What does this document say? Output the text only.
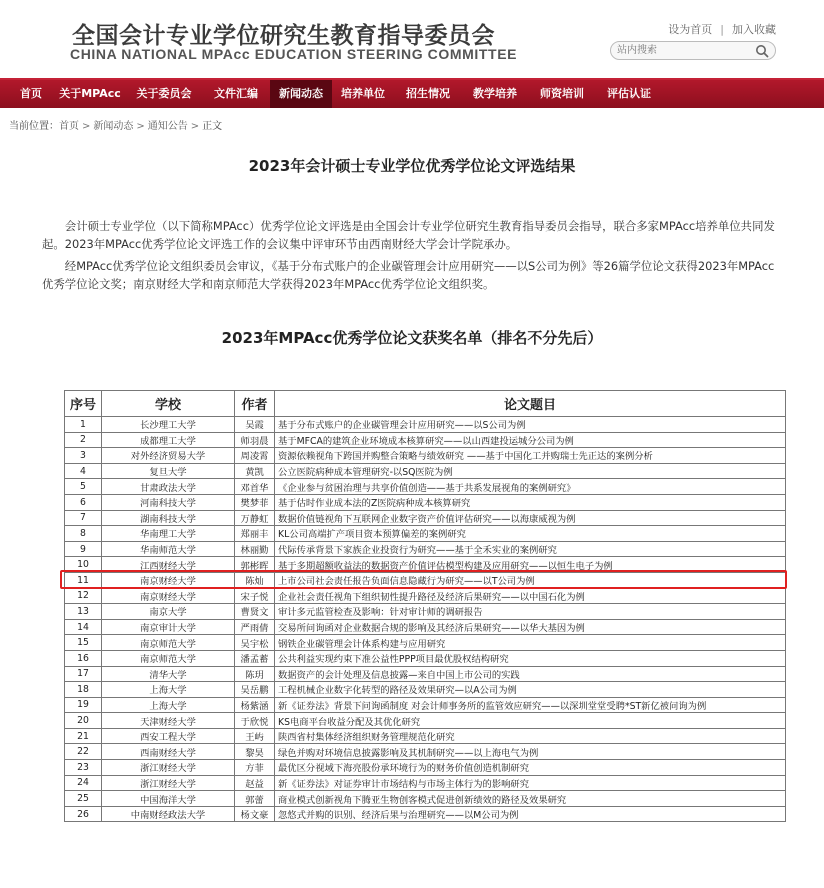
全国会计专业学位研究生教育指导委员会
CHINA NATIONAL MPAcc EDUCATION STEERING COMMITTEE
设为首页 | 加入收藏
站内搜索
首页	关于MPAcc	关于委员会	文件汇编	新闻动态	培养单位	招生情况	教学培养	师资培训	评估认证
当前位置：首页 > 新闻动态 > 通知公告 > 正文
2023年会计硕士专业学位优秀学位论文评选结果

会计硕士专业学位（以下简称MPAcc）优秀学位论文评选是由全国会计专业学位研究生教育指导委员会指导，联合多家MPAcc培养单位共同发起。2023年MPAcc优秀学位论文评选工作的会议集中评审环节由西南财经大学会计学院承办。

经MPAcc优秀学位论文组织委员会审议，《基于分布式账户的企业碳管理会计应用研究——以S公司为例》等26篇学位论文获得2023年MPAcc优秀学位论文奖；南京财经大学和南京师范大学获得2023年MPAcc优秀学位论文组织奖。

2023年MPAcc优秀学位论文获奖名单（排名不分先后）
序号	学校	作者	论文题目
1	长沙理工大学	吴霞	基于分布式账户的企业碳管理会计应用研究——以S公司为例
2	成都理工大学	师羽晨	基于MFCA的建筑企业环境成本核算研究——以山西建投运城分公司为例
3	对外经济贸易大学	周凌霄	资源依赖视角下跨国并购整合策略与绩效研究 ——基于中国化工并购瑞士先正达的案例分析
4	复旦大学	黄凯	公立医院病种成本管理研究-以SQ医院为例
5	甘肃政法大学	邓首华	《企业参与贫困治理与共享价值创造——基于共系发展视角的案例研究》
6	河南科技大学	樊梦菲	基于估时作业成本法的Z医院病种成本核算研究
7	湖南科技大学	万静虹	数据价值链视角下互联网企业数字资产价值评估研究——以海康威视为例
8	华南理工大学	郑丽丰	KL公司高端扩产项目资本预算偏差的案例研究
9	华南师范大学	林丽勤	代际传承背景下家族企业投资行为研究——基于全禾实业的案例研究
10	江西财经大学	郭彬晖	基于多期超额收益法的数据资产价值评估模型构建及应用研究——以恒生电子为例
11	南京财经大学	陈灿	上市公司社会责任报告负面信息隐藏行为研究——以T公司为例
12	南京财经大学	宋子悦	企业社会责任视角下组织韧性提升路径及经济后果研究——以中国石化为例
13	南京大学	曹贤文	审计多元监管检查及影响：针对审计师的调研报告
14	南京审计大学	严雨倩	交易所问询函对企业数据合规的影响及其经济后果研究——以华大基因为例
15	南京师范大学	吴宇松	钢铁企业碳管理会计体系构建与应用研究
16	南京师范大学	潘孟蓄	公共利益实现约束下准公益性PPP项目最优股权结构研究
17	清华大学	陈玥	数据资产的会计处理及信息披露—来自中国上市公司的实践
18	上海大学	吴岳鹏	工程机械企业数字化转型的路径及效果研究—以A公司为例
19	上海大学	杨紫涵	新《证券法》背景下问询函制度 对会计师事务所的监管效应研究——以深圳堂堂受聘*ST新亿被问询为例
20	天津财经大学	于欣悦	KS电商平台收益分配及其优化研究
21	西安工程大学	王屿	陕西省村集体经济组织财务管理规范化研究
22	西南财经大学	黎昊	绿色并购对环境信息披露影响及其机制研究——以上海电气为例
23	浙江财经大学	方菲	最优区分视域下海亮股份承环境行为的财务价值创造机制研究
24	浙江财经大学	赵益	新《证券法》对证券审计市场结构与市场主体行为的影响研究
25	中国海洋大学	郭蕾	商业模式创新视角下腾亚生物创客模式促进创新绩效的路径及效果研究
26	中南财经政法大学	杨文豪	忽悠式并购的识别、经济后果与治理研究——以M公司为例
